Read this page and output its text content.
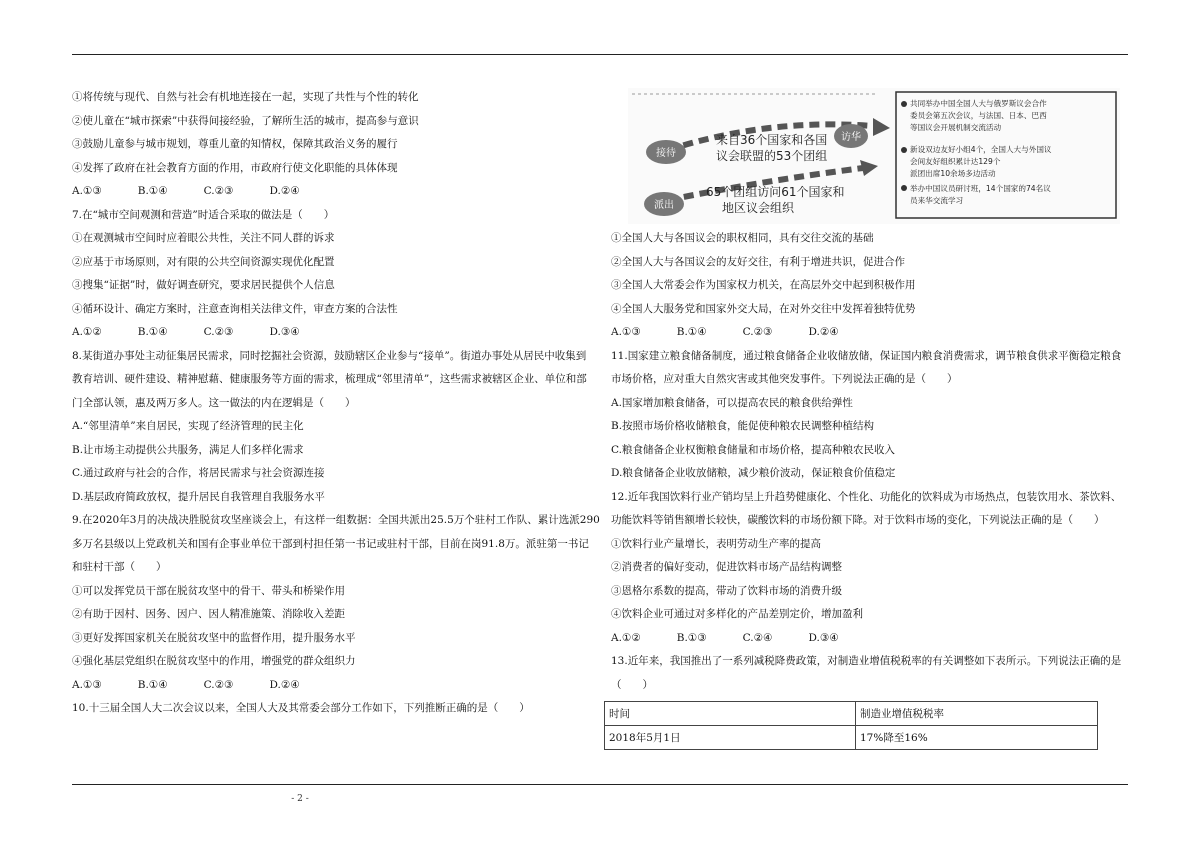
①将传统与现代、自然与社会有机地连接在一起，实现了共性与个性的转化

②使儿童在“城市探索”中获得间接经验，了解所生活的城市，提高参与意识

③鼓励儿童参与城市规划，尊重儿童的知情权，保障其政治义务的履行

④发挥了政府在社会教育方面的作用，市政府行使文化职能的具体体现

A.①③	B.①④	C.②③	D.②④

7.在“城市空间观测和营造”时适合采取的做法是（　　）

①在观测城市空间时应着眼公共性，关注不同人群的诉求

②应基于市场原则，对有限的公共空间资源实现优化配置

③搜集“证据”时，做好调查研究，要求居民提供个人信息

④循环设计、确定方案时，注意查询相关法律文件，审查方案的合法性

A.①②	B.①④	C.②③	D.③④

8.某街道办事处主动征集居民需求，同时挖掘社会资源，鼓励辖区企业参与“接单”。街道办事处从居民中收集到

教育培训、硬件建设、精神慰藉、健康服务等方面的需求，梳理成“邻里清单”，这些需求被辖区企业、单位和部

门全部认领，惠及两万多人。这一做法的内在逻辑是（　　）

A.“邻里清单”来自居民，实现了经济管理的民主化

B.让市场主动提供公共服务，满足人们多样化需求

C.通过政府与社会的合作，将居民需求与社会资源连接

D.基层政府简政放权，提升居民自我管理自我服务水平

9.在2020年3月的决战决胜脱贫攻坚座谈会上，有这样一组数据：全国共派出25.5万个驻村工作队、累计选派290

多万名县级以上党政机关和国有企事业单位干部到村担任第一书记或驻村干部，目前在岗91.8万。派驻第一书记

和驻村干部（　　）

①可以发挥党员干部在脱贫攻坚中的骨干、带头和桥梁作用

②有助于因村、因务、因户、因人精准施策、消除收入差距

③更好发挥国家机关在脱贫攻坚中的监督作用，提升服务水平

④强化基层党组织在脱贫攻坚中的作用，增强党的群众组织力

A.①③	B.①④	C.②③	D.②④

10.十三届全国人大二次会议以来，全国人大及其常委会部分工作如下，下列推断正确的是（　　）

接待
派出
访华
来自36个国家和各国
议会联盟的53个团组
65个团组访问61个国家和
地区议会组织
共同举办中国全国人大与俄罗斯议会合作
委员会第五次会议，与法国、日本、巴西
等国议会开展机制交流活动
新设双边友好小组4个，全国人大与外国议
会间友好组织累计达129个
派团出席10余场多边活动
举办中国议员研讨班，14个国家的74名议
员来华交流学习

①全国人大与各国议会的职权相同，具有交往交流的基础

②全国人大与各国议会的友好交往，有利于增进共识，促进合作

③全国人大常委会作为国家权力机关，在高层外交中起到积极作用

④全国人大服务党和国家外交大局，在对外交往中发挥着独特优势

A.①③	B.①④	C.②③	D.②④

11.国家建立粮食储备制度，通过粮食储备企业收储放储，保证国内粮食消费需求，调节粮食供求平衡稳定粮食

市场价格，应对重大自然灾害或其他突发事件。下列说法正确的是（　　）

A.国家增加粮食储备，可以提高农民的粮食供给弹性

B.按照市场价格收储粮食，能促使种粮农民调整种植结构

C.粮食储备企业权衡粮食储量和市场价格，提高种粮农民收入

D.粮食储备企业收放储粮，减少粮价波动，保证粮食价值稳定

12.近年我国饮料行业产销均呈上升趋势健康化、个性化、功能化的饮料成为市场热点，包装饮用水、茶饮料、

功能饮料等销售额增长较快，碳酸饮料的市场份额下降。对于饮料市场的变化，下列说法正确的是（　　）

①饮料行业产量增长，表明劳动生产率的提高

②消费者的偏好变动，促进饮料市场产品结构调整

③恩格尔系数的提高，带动了饮料市场的消费升级

④饮料企业可通过对多样化的产品差别定价，增加盈利

A.①②	B.①③	C.②④	D.③④

13.近年来，我国推出了一系列减税降费政策，对制造业增值税税率的有关调整如下表所示。下列说法正确的是

（　　）

时间	制造业增值税税率
2018年5月1日	17%降至16%
- 2 -
